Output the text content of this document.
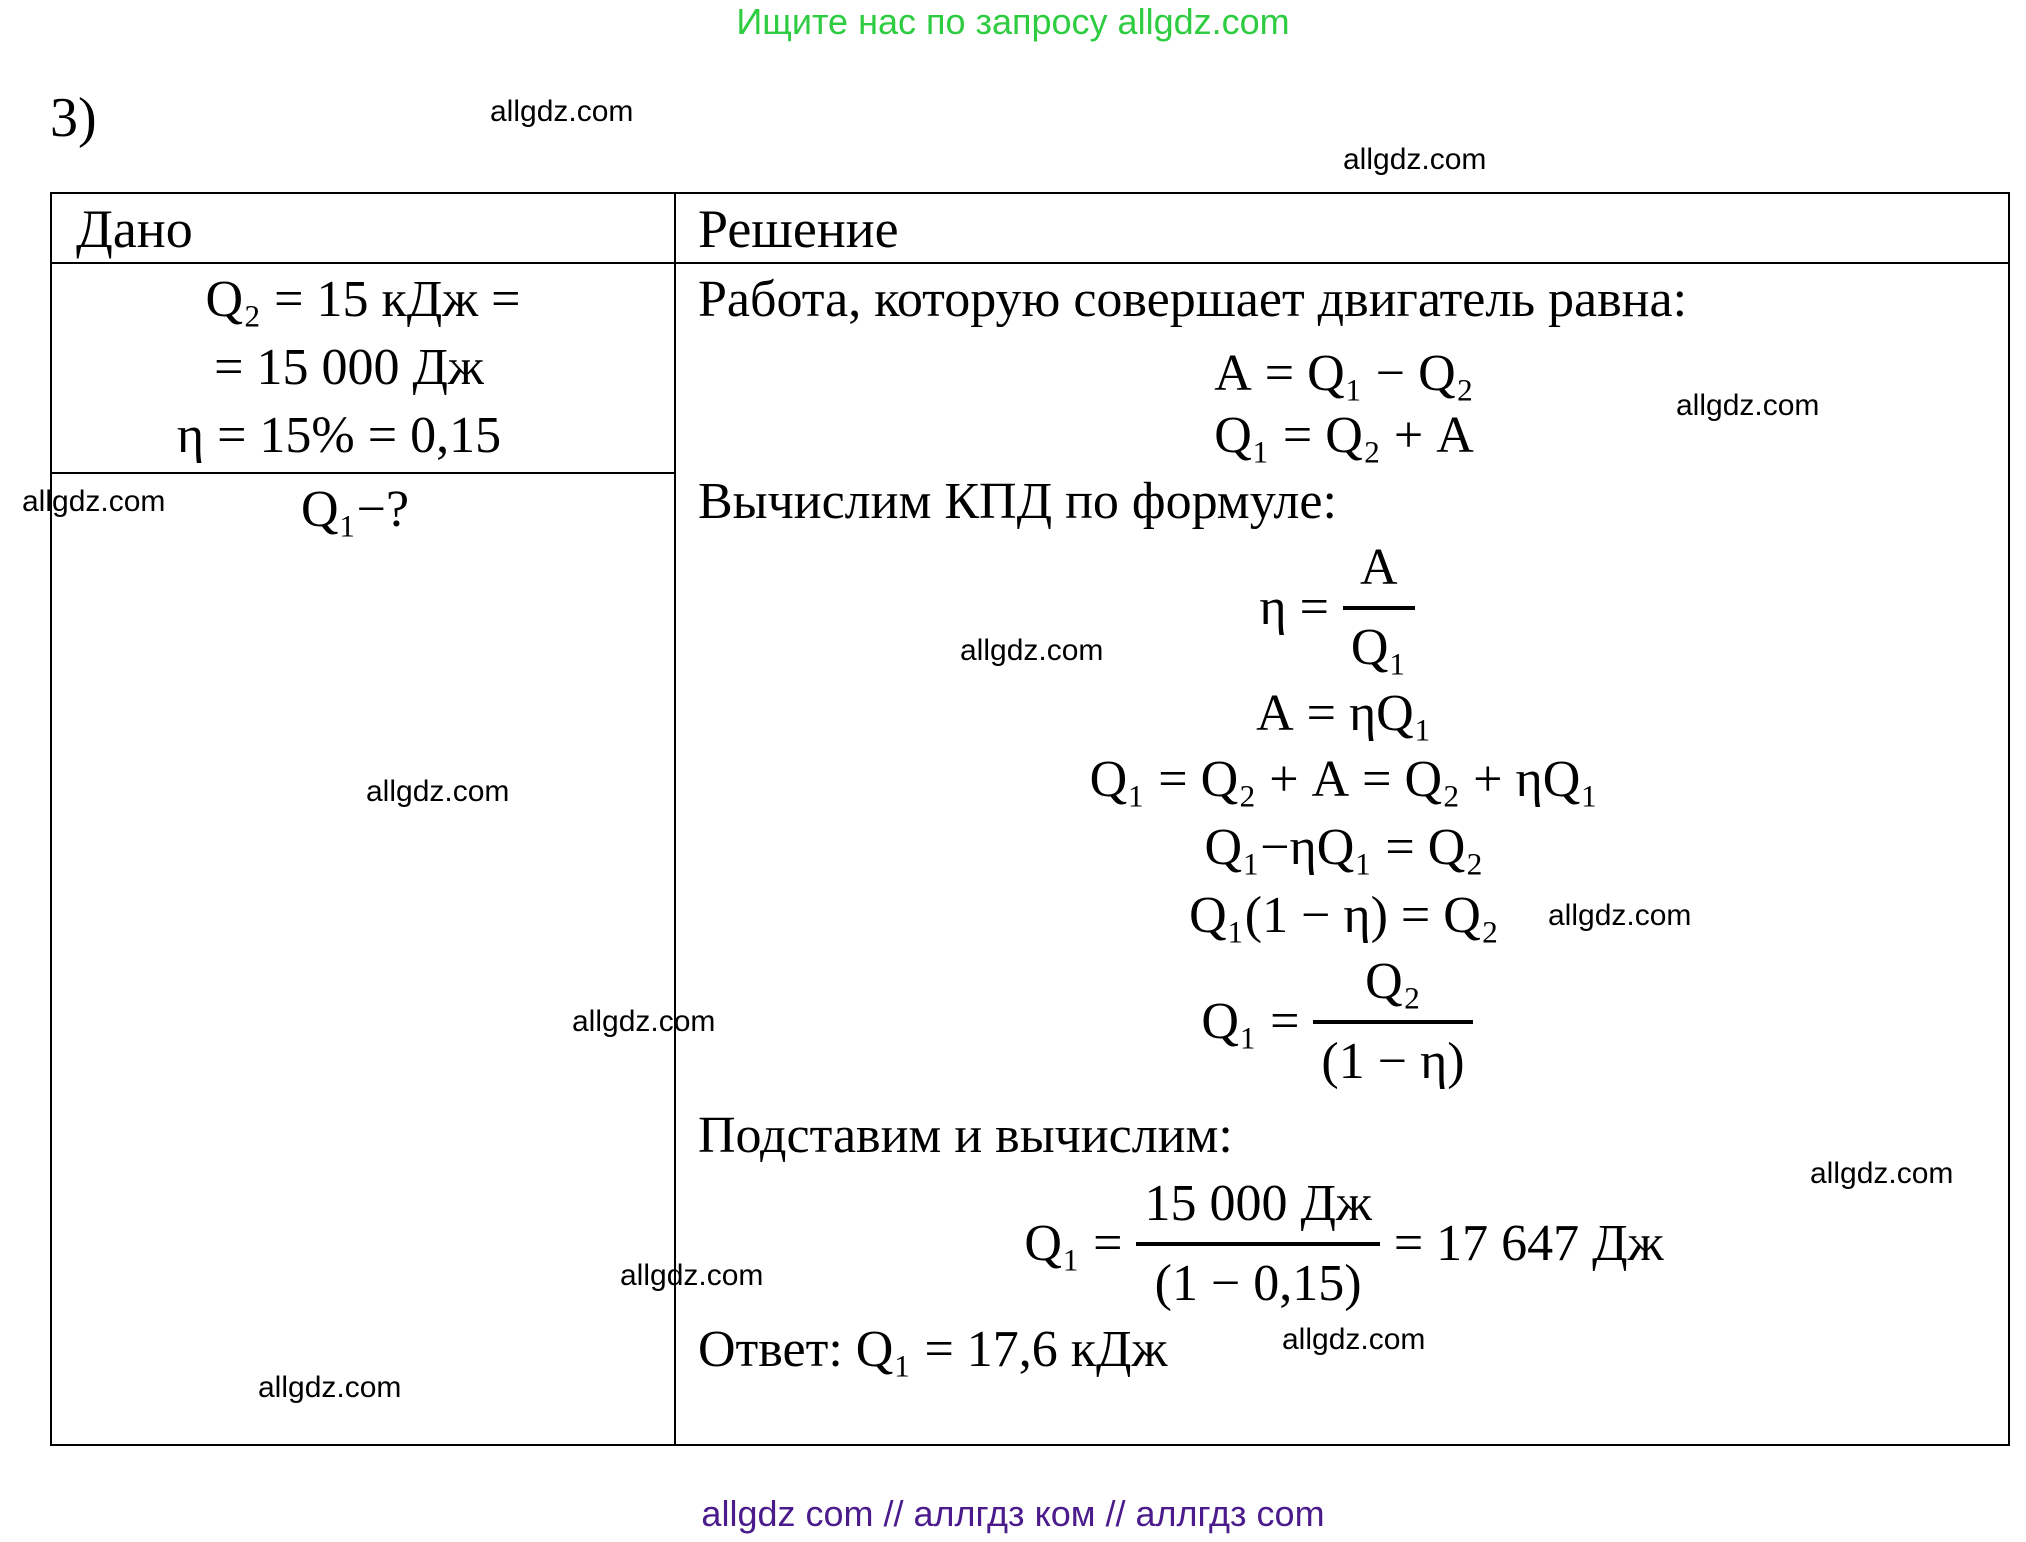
Ищите нас по запросу allgdz.com
3)	allgdz.com
allgdz.com
allgdz.com
allgdz.com
allgdz.com
allgdz.com
allgdz.com
allgdz.com
allgdz.com
allgdz.com
allgdz.com
allgdz.com
Дано	Решение
Q₂ = 15 кДж =
= 15 000 Дж
η = 15% = 0,15
Q₁−?
Работа, которую совершает двигатель равна:
А = Q₁ − Q₂
Q₁ = Q₂ + А
Вычислим КПД по формуле:
$\eta = \frac{А}{\text{Q₁}}$
А = ηQ₁
Q₁ = Q₂ + А = Q₂ + ηQ₁
Q₁−ηQ₁ = Q₂
Q₁(1 − η) = Q₂
$Q_1 = \frac{\text{Q₂}}{(1 - \eta)}$
Подставим и вычислим:
$Q_1 = \frac{15 000 Дж}{(1 - 0,15)} = 17$ 647 Дж
Ответ: Q₁ = 17,6 кДж
allgdz com // аллгдз ком // аллгдз com
